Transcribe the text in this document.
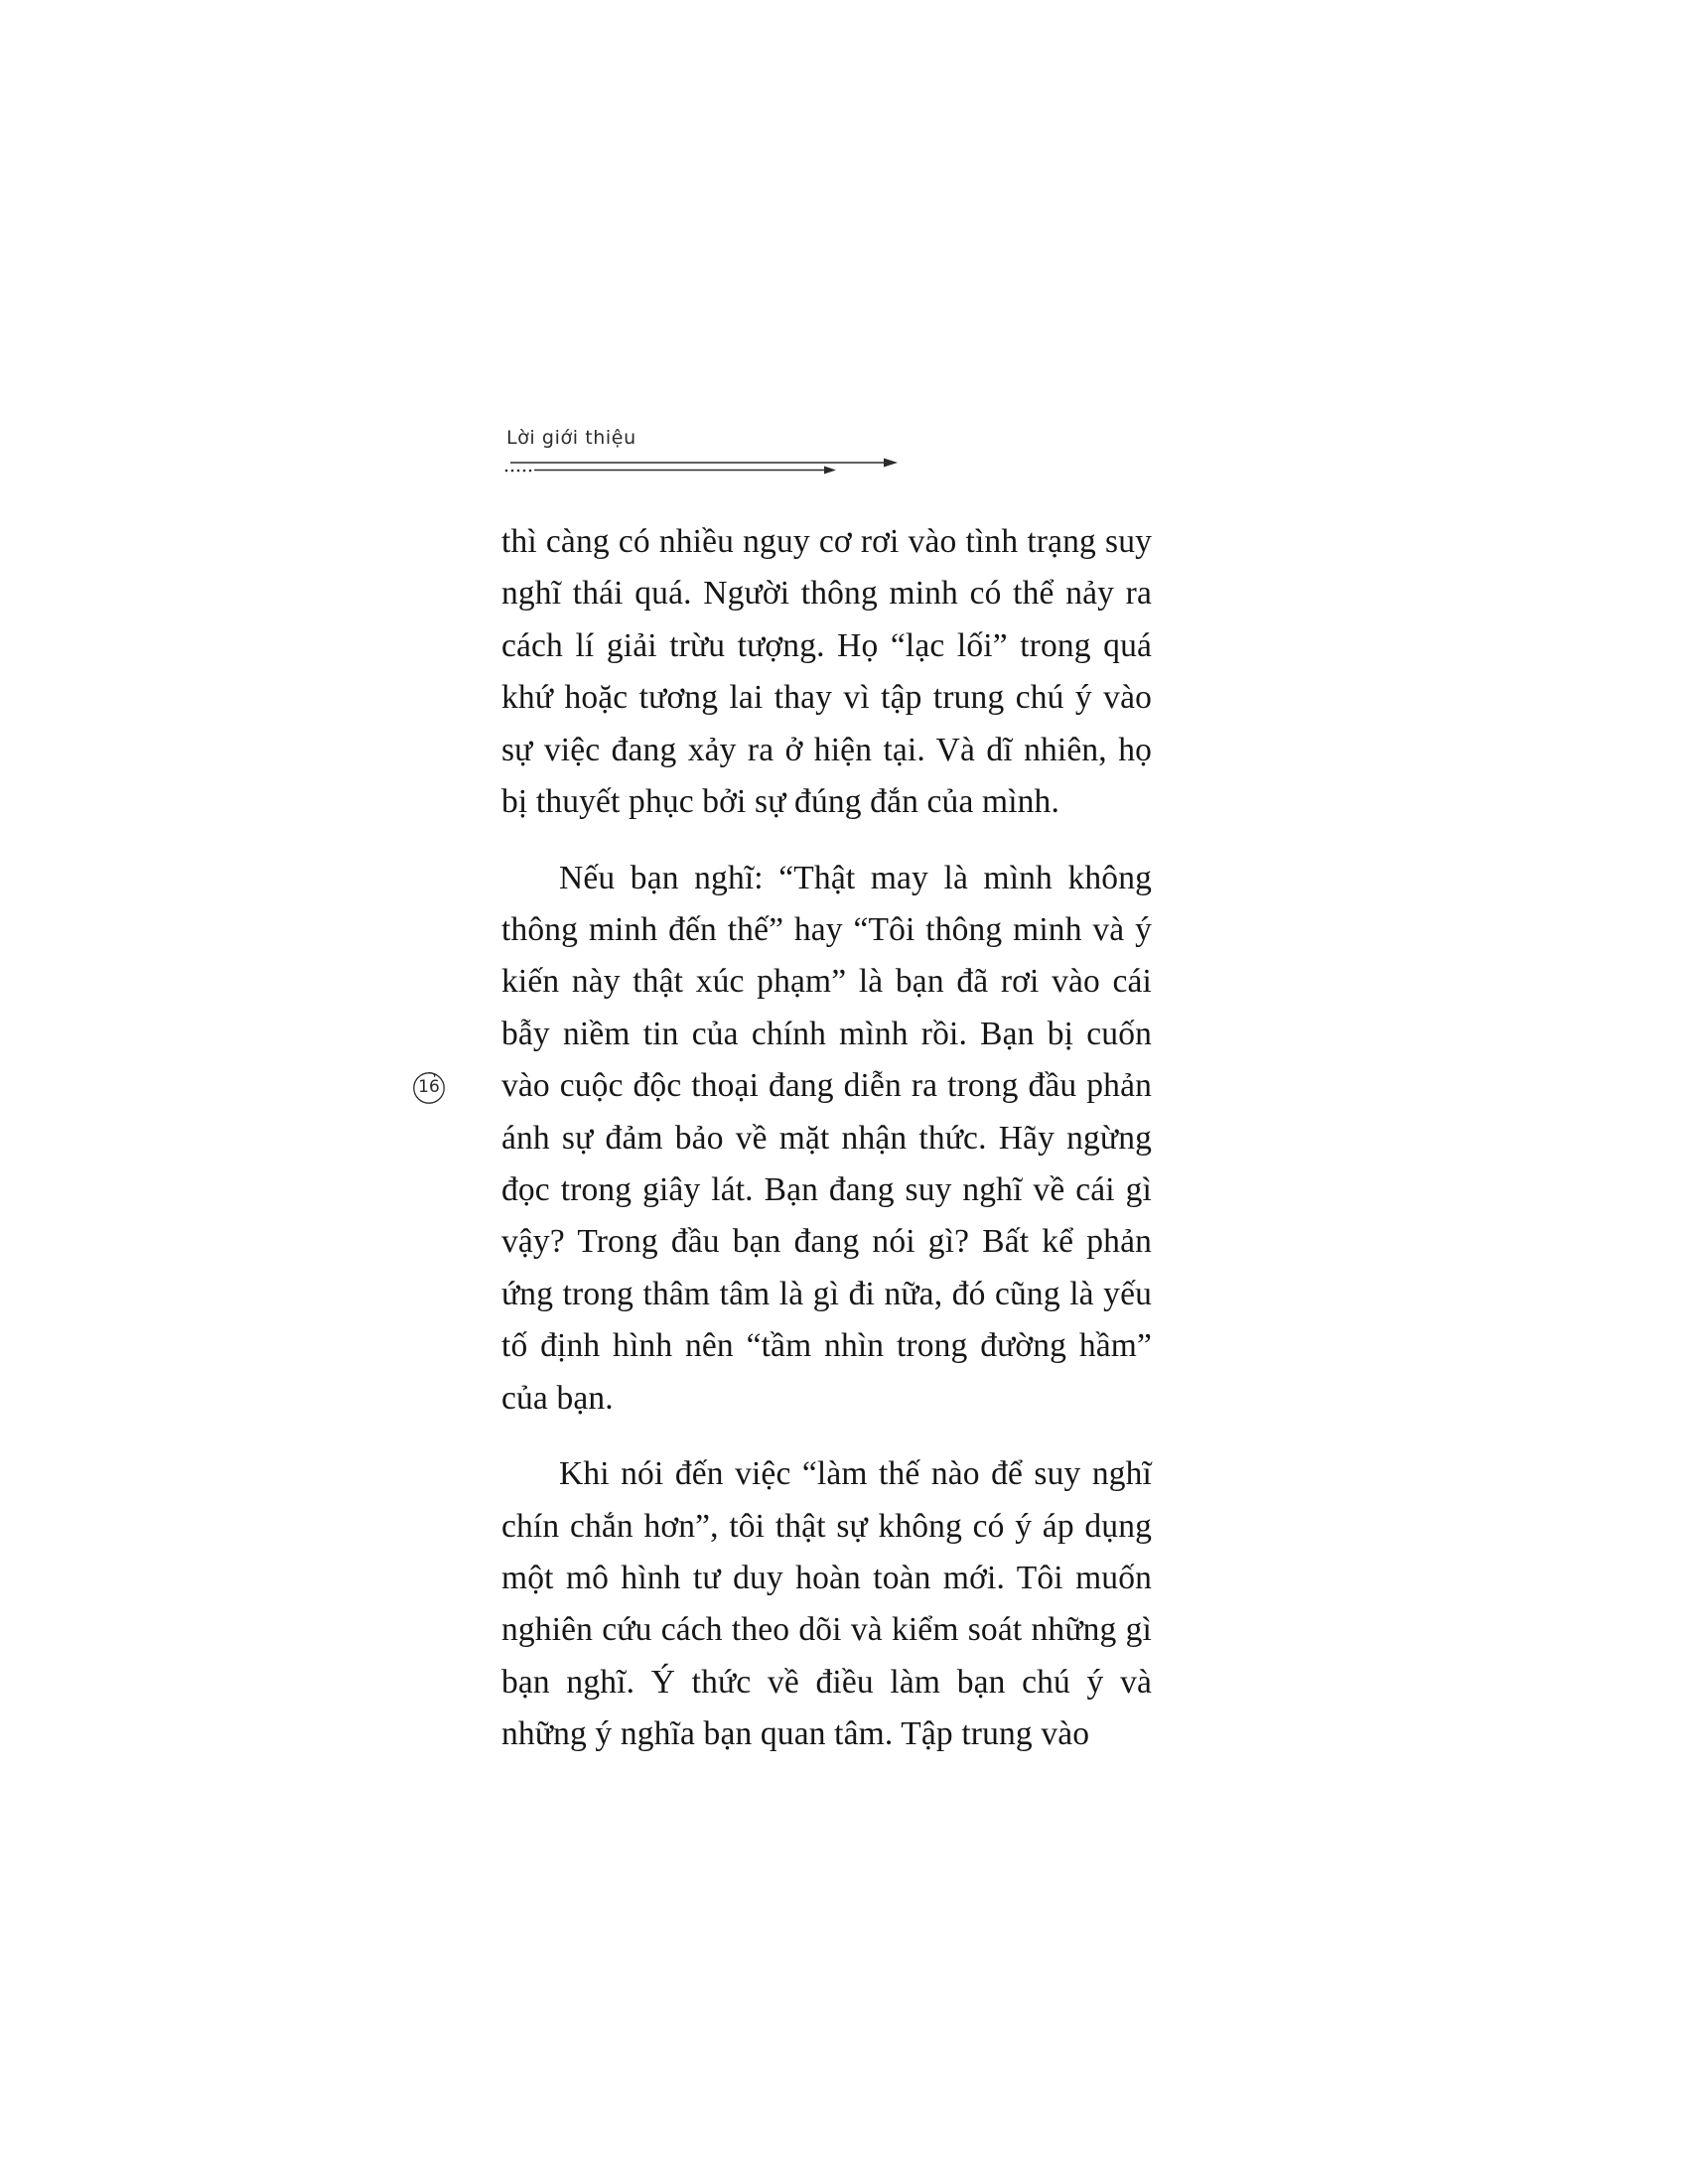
Lời giới thiệu
16

thì càng có nhiều nguy cơ rơi vào tình trạng suy nghĩ thái quá. Người thông minh có thể nảy ra cách lí giải trừu tượng. Họ “lạc lối” trong quá khứ hoặc tương lai thay vì tập trung chú ý vào sự việc đang xảy ra ở hiện tại. Và dĩ nhiên, họ bị thuyết phục bởi sự đúng đắn của mình.

Nếu bạn nghĩ: “Thật may là mình không thông minh đến thế” hay “Tôi thông minh và ý kiến này thật xúc phạm” là bạn đã rơi vào cái bẫy niềm tin của chính mình rồi. Bạn bị cuốn vào cuộc độc thoại đang diễn ra trong đầu phản ánh sự đảm bảo về mặt nhận thức. Hãy ngừng đọc trong giây lát. Bạn đang suy nghĩ về cái gì vậy? Trong đầu bạn đang nói gì? Bất kể phản ứng trong thâm tâm là gì đi nữa, đó cũng là yếu tố định hình nên “tầm nhìn trong đường hầm” của bạn.

Khi nói đến việc “làm thế nào để suy nghĩ chín chắn hơn”, tôi thật sự không có ý áp dụng một mô hình tư duy hoàn toàn mới. Tôi muốn nghiên cứu cách theo dõi và kiểm soát những gì bạn nghĩ. Ý thức về điều làm bạn chú ý và những ý nghĩa bạn quan tâm. Tập trung vào
